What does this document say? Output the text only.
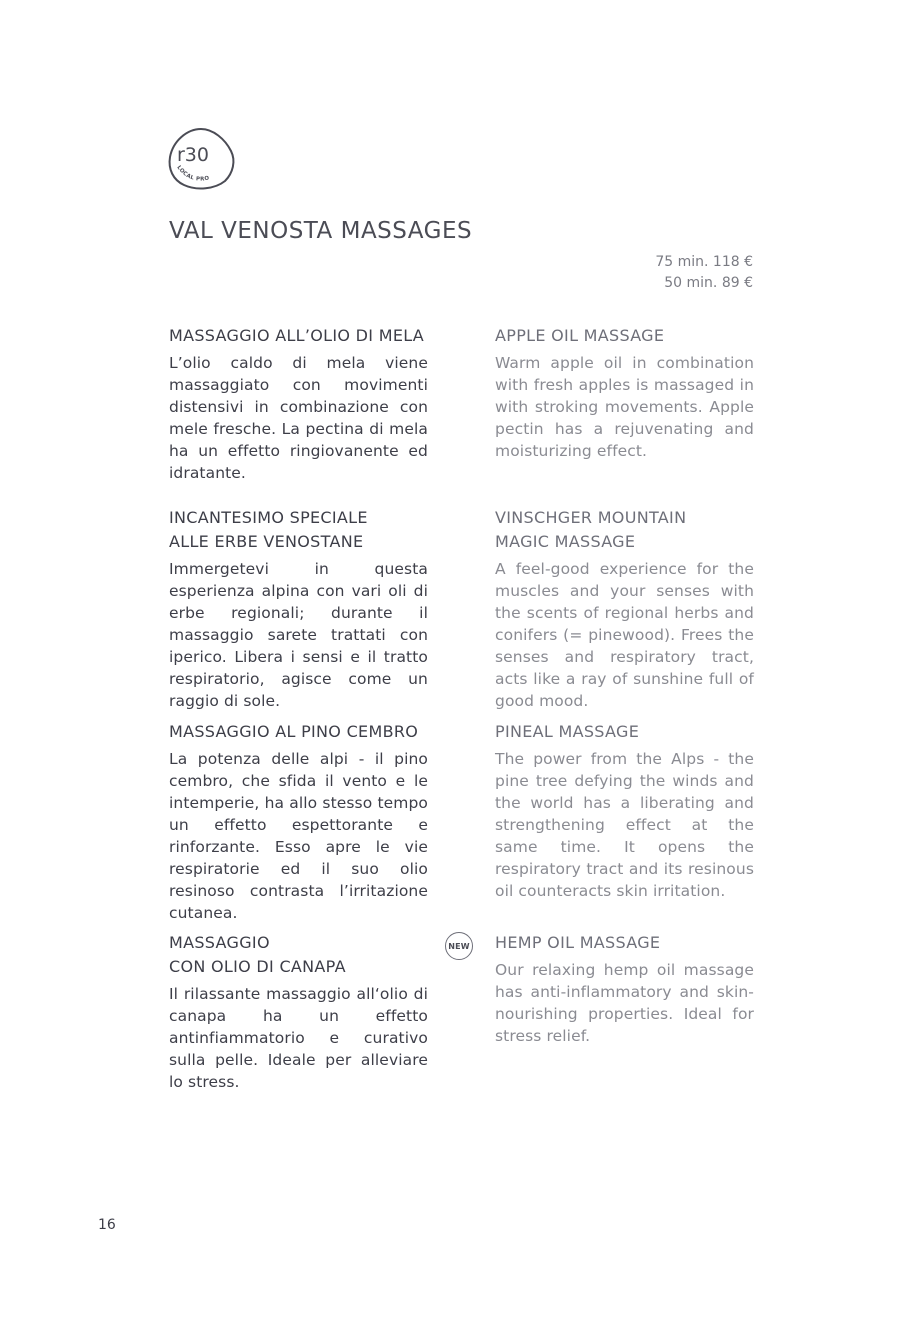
r30
LOCAL PRO
VAL VENOSTA MASSAGES
75 min. 118 €
50 min. 89 €
MASSAGGIO ALL’OLIO DI MELA

L’olio caldo di mela viene massaggiato con movimenti distensivi in combinazione con mele fresche. La pectina di mela ha un effetto ringiovanente ed idratante.

APPLE OIL MASSAGE

Warm apple oil in combination with fresh apples is massaged in with stroking movements. Apple pectin has a rejuvenating and moisturizing effect.

INCANTESIMO SPECIALE
ALLE ERBE VENOSTANE

Immergetevi in questa esperienza alpina con vari oli di erbe regionali; durante il massaggio sarete trattati con iperico. Libera i sensi e il tratto respiratorio, agisce come un raggio di sole.

VINSCHGER MOUNTAIN
MAGIC MASSAGE

A feel-good experience for the muscles and your senses with the scents of regional herbs and conifers (= pinewood). Frees the senses and respiratory tract, acts like a ray of sunshine full of good mood.

MASSAGGIO AL PINO CEMBRO

La potenza delle alpi - il pino cembro, che sfida il vento e le intemperie, ha allo stesso tempo un effetto espettorante e rinforzante. Esso apre le vie respiratorie ed il suo olio resinoso contrasta l’irritazione cutanea.

PINEAL MASSAGE

The power from the Alps - the pine tree defying the winds and the world has a liberating and strengthening effect at the same time. It opens the respiratory tract and its resinous oil counteracts skin irritation.

MASSAGGIO
CON OLIO DI CANAPA

Il rilassante massaggio all‘olio di canapa ha un effetto antinfiammatorio e curativo sulla pelle. Ideale per alleviare lo stress.

NEW HEMP OIL MASSAGE

Our relaxing hemp oil massage has anti-inflammatory and skin-nourishing properties. Ideal for stress relief.

16
